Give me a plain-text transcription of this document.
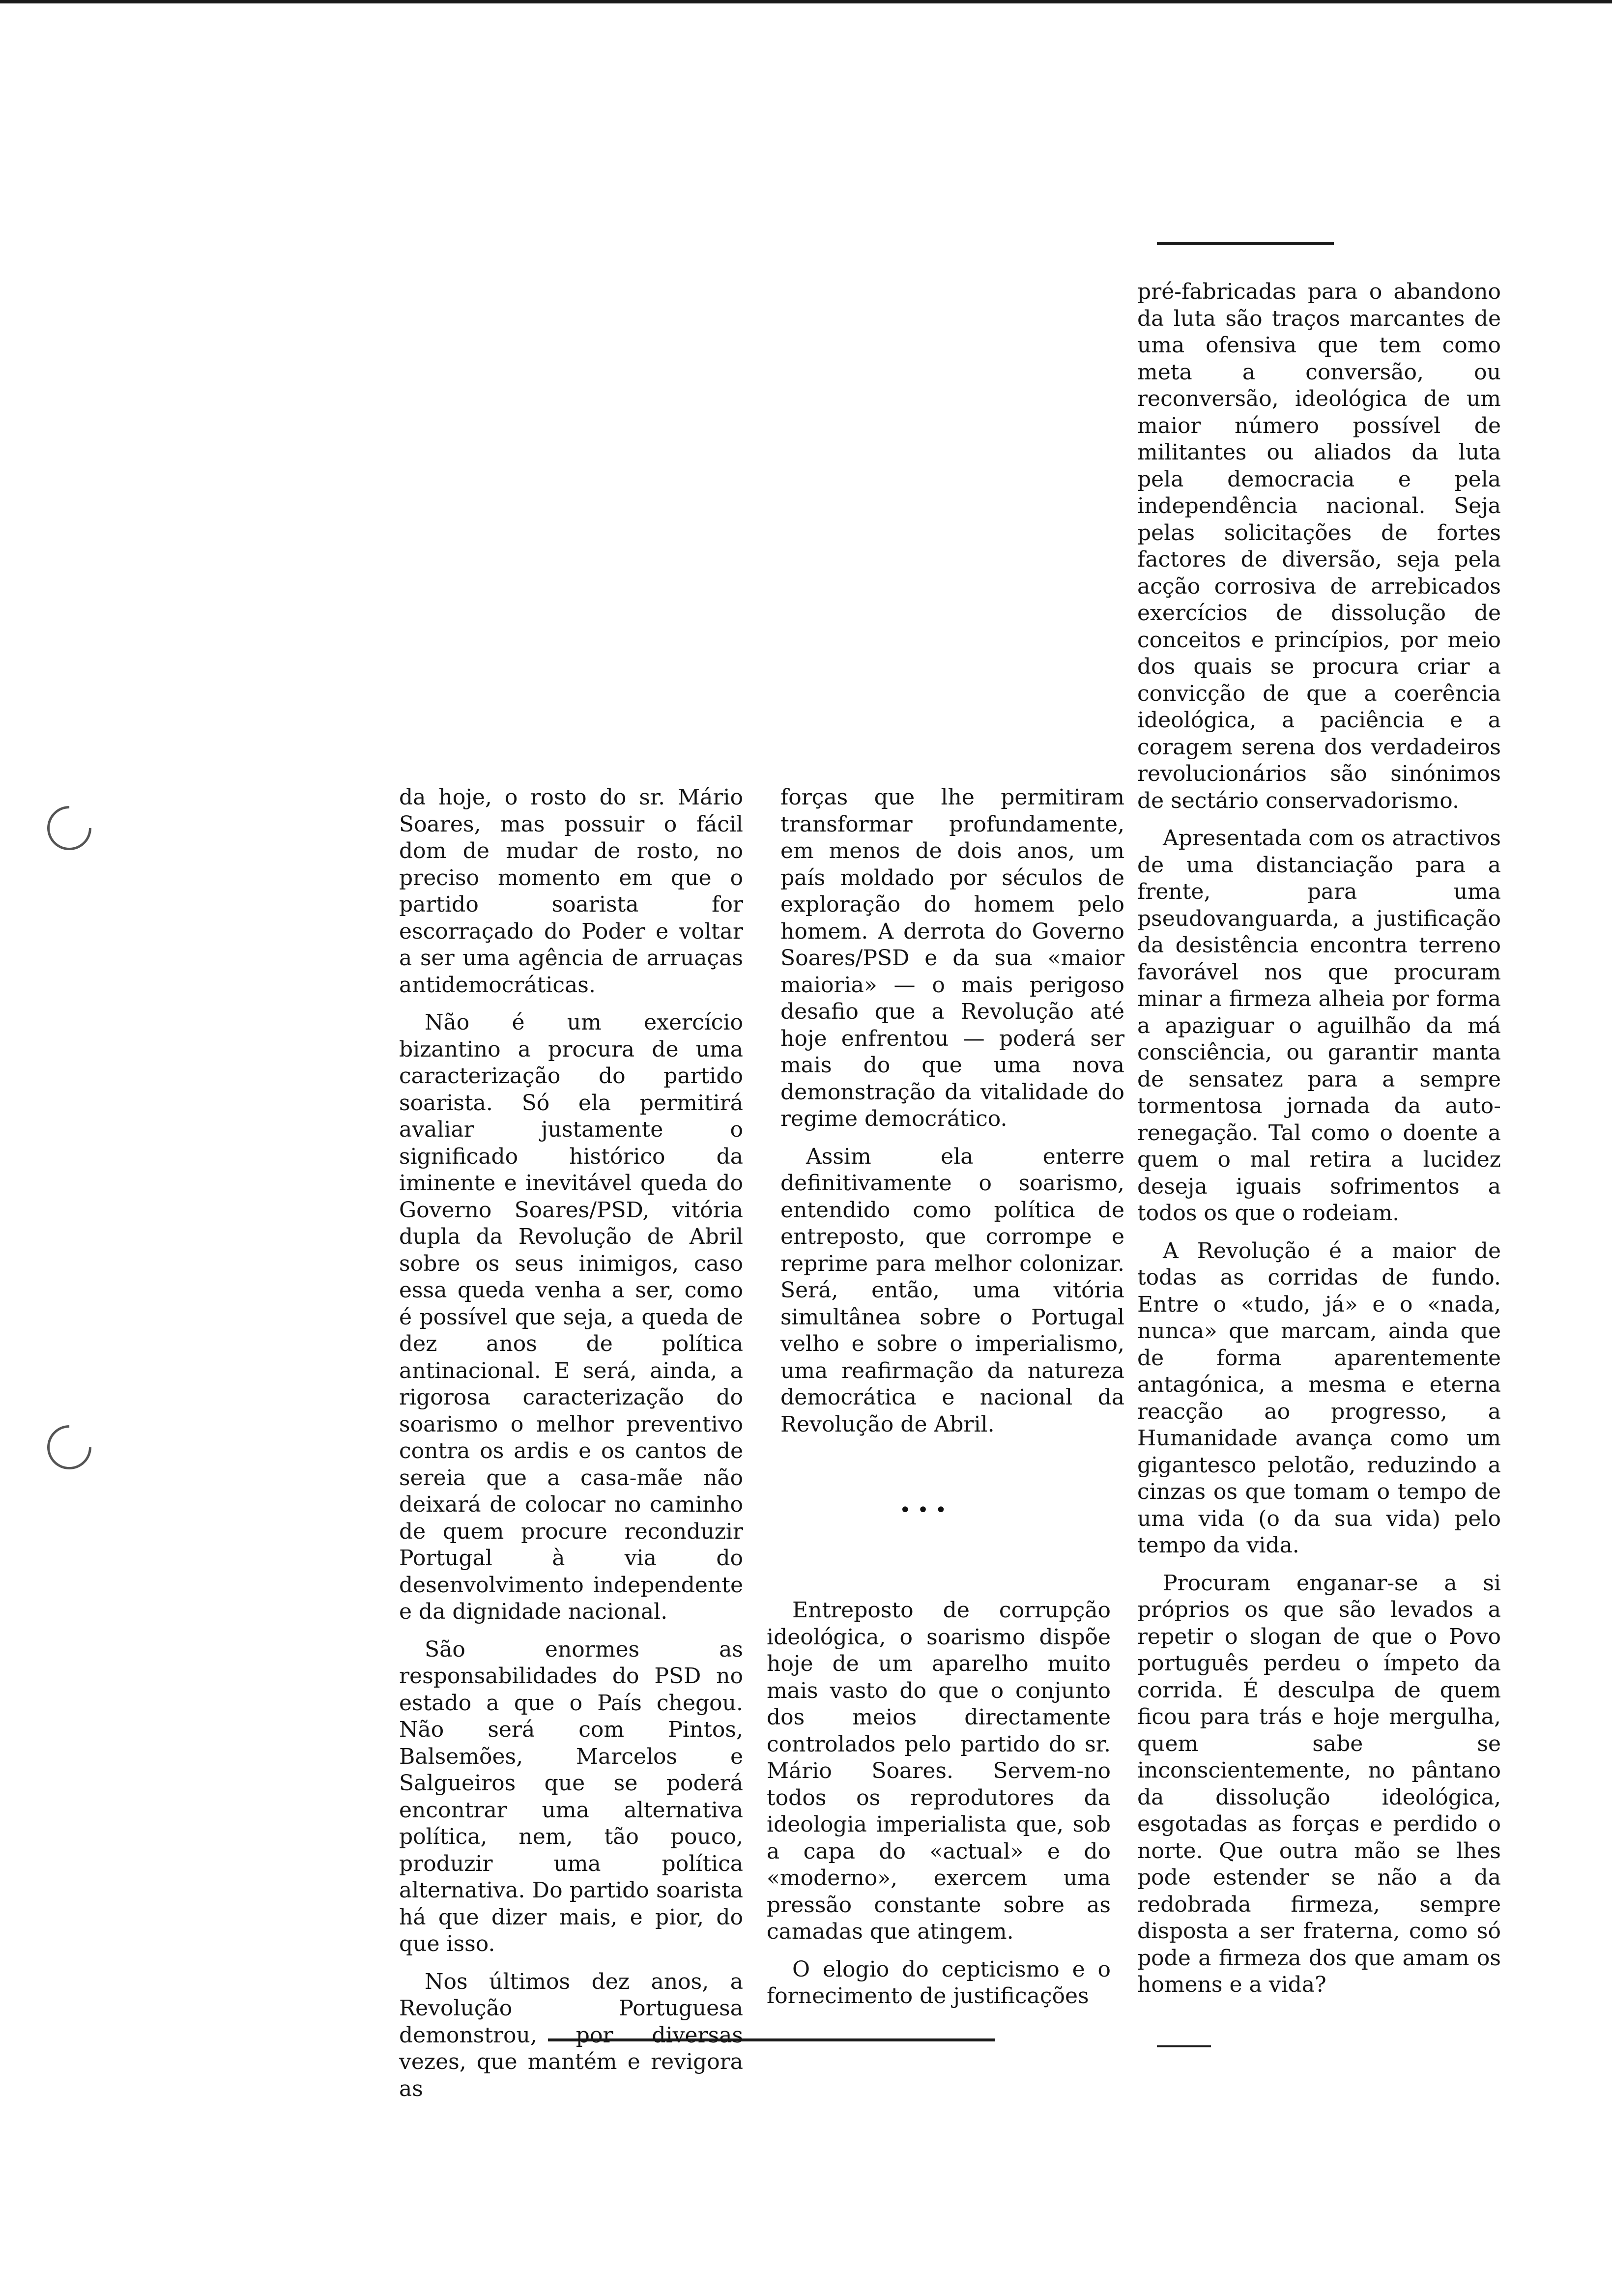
da hoje, o rosto do sr. Mário Soares, mas possuir o fácil dom de mudar de rosto, no preciso momento em que o partido soarista for escorraçado do Poder e voltar a ser uma agência de arruaças antidemocráticas.

Não é um exercício bizantino a procura de uma caracterização do partido soarista. Só ela permitirá avaliar justamente o significado histórico da iminente e inevitável queda do Governo Soares/PSD, vitória dupla da Revolução de Abril sobre os seus inimigos, caso essa queda venha a ser, como é possível que seja, a queda de dez anos de política antinacional. E será, ainda, a rigorosa caracterização do soarismo o melhor preventivo contra os ardis e os cantos de sereia que a casa-mãe não deixará de colocar no caminho de quem procure reconduzir Portugal à via do desenvolvimento independente e da dignidade nacional.

São enormes as responsabilidades do PSD no estado a que o País chegou. Não será com Pintos, Balsemões, Marcelos e Salgueiros que se poderá encontrar uma alternativa política, nem, tão pouco, produzir uma política alternativa. Do partido soarista há que dizer mais, e pior, do que isso.

Nos últimos dez anos, a Revolução Portuguesa demonstrou, por diversas vezes, que mantém e revigora as

forças que lhe permitiram transformar profundamente, em menos de dois anos, um país moldado por séculos de exploração do homem pelo homem. A derrota do Governo Soares/PSD e da sua «maior maioria» — o mais perigoso desafio que a Revolução até hoje enfrentou — poderá ser mais do que uma nova demonstração da vitalidade do regime democrático.

Assim ela enterre definitivamente o soarismo, entendido como política de entreposto, que corrompe e reprime para melhor colonizar. Será, então, uma vitória simultânea sobre o Portugal velho e sobre o imperialismo, uma reafirmação da natureza democrática e nacional da Revolução de Abril.

• • •

Entreposto de corrupção ideológica, o soarismo dispõe hoje de um aparelho muito mais vasto do que o conjunto dos meios directamente controlados pelo partido do sr. Mário Soares. Servem-no todos os reprodutores da ideologia imperialista que, sob a capa do «actual» e do «moderno», exercem uma pressão constante sobre as camadas que atingem.

O elogio do cepticismo e o fornecimento de justificações

pré-fabricadas para o abandono da luta são traços marcantes de uma ofensiva que tem como meta a conversão, ou reconversão, ideológica de um maior número possível de militantes ou aliados da luta pela democracia e pela independência nacional. Seja pelas solicitações de fortes factores de diversão, seja pela acção corrosiva de arrebicados exercícios de dissolução de conceitos e princípios, por meio dos quais se procura criar a convicção de que a coerência ideológica, a paciência e a coragem serena dos verdadeiros revolucionários são sinónimos de sectário conservadorismo.

Apresentada com os atractivos de uma distanciação para a frente, para uma pseudovanguarda, a justificação da desistência encontra terreno favorável nos que procuram minar a firmeza alheia por forma a apaziguar o aguilhão da má consciência, ou garantir manta de sensatez para a sempre tormentosa jornada da auto-renegação. Tal como o doente a quem o mal retira a lucidez deseja iguais sofrimentos a todos os que o rodeiam.

A Revolução é a maior de todas as corridas de fundo. Entre o «tudo, já» e o «nada, nunca» que marcam, ainda que de forma aparentemente antagónica, a mesma e eterna reacção ao progresso, a Humanidade avança como um gigantesco pelotão, reduzindo a cinzas os que tomam o tempo de uma vida (o da sua vida) pelo tempo da vida.

Procuram enganar-se a si próprios os que são levados a repetir o slogan de que o Povo português perdeu o ímpeto da corrida. É desculpa de quem ficou para trás e hoje mergulha, quem sabe se inconscientemente, no pântano da dissolução ideológica, esgotadas as forças e perdido o norte. Que outra mão se lhes pode estender se não a da redobrada firmeza, sempre disposta a ser fraterna, como só pode a firmeza dos que amam os homens e a vida?
